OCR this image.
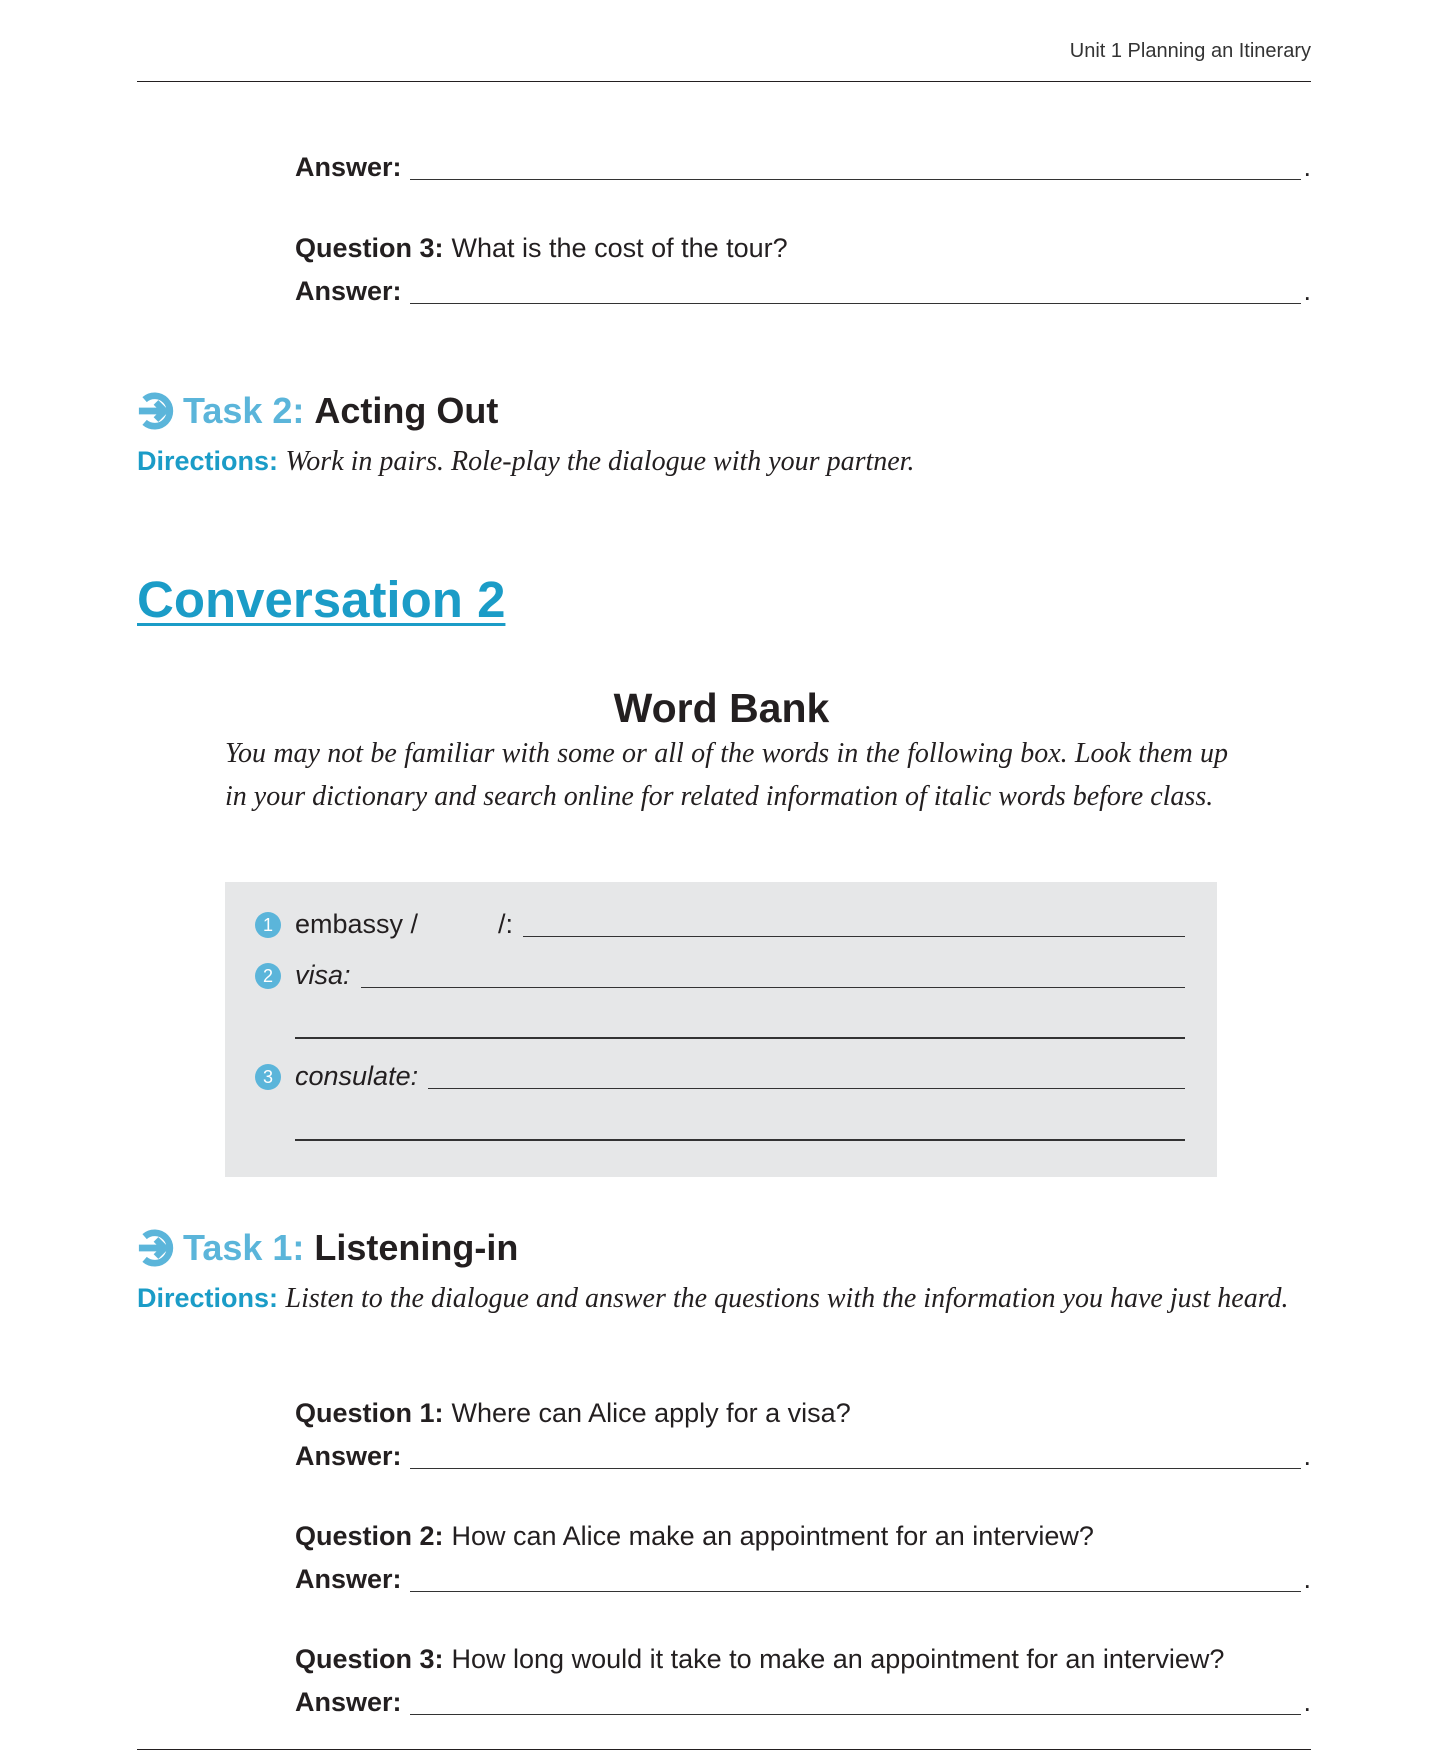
Unit 1 Planning an Itinerary
Answer:	.
Question 3: What is the cost of the tour?
Answer:	.
Task 2: Acting Out
Directions: Work in pairs. Role-play the dialogue with your partner.
Conversation 2
Word Bank
You may not be familiar with some or all of the words in the following box. Look them up in your dictionary and search online for related information of italic words before class.
1 embassy /	/:
2 visa:
3 consulate:
Task 1: Listening-in
Directions: Listen to the dialogue and answer the questions with the information you have just heard.
Question 1: Where can Alice apply for a visa?
Answer:	.
Question 2: How can Alice make an appointment for an interview?
Answer:	.
Question 3: How long would it take to make an appointment for an interview?
Answer:	.
